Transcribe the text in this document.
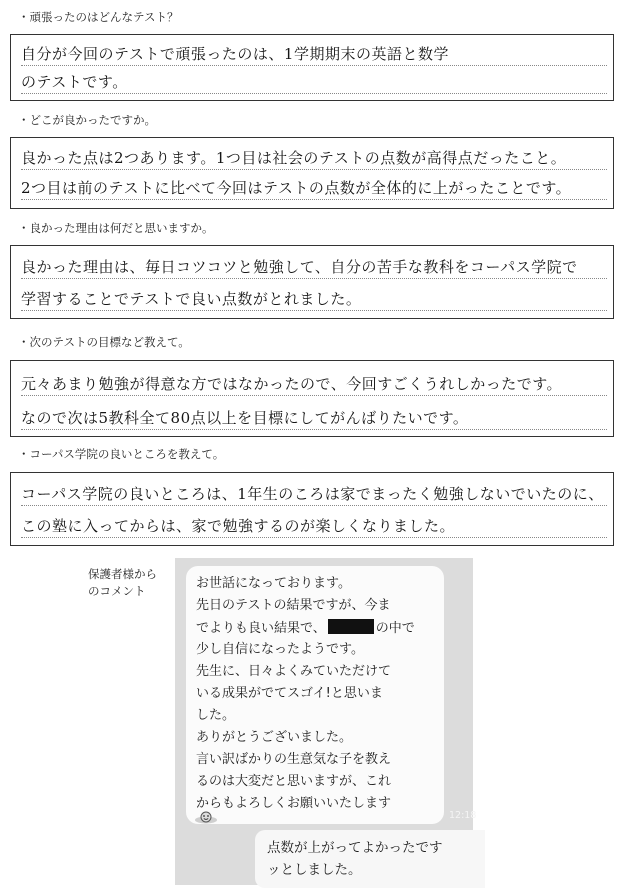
・頑張ったのはどんなテスト？
自分が今回のテストで頑張ったのは、1学期期末の英語と数学
のテストです。
・どこが良かったですか。
良かった点は2つあります。1つ目は社会のテストの点数が高得点だったこと。
2つ目は前のテストに比べて今回はテストの点数が全体的に上がったことです。
・良かった理由は何だと思いますか。
良かった理由は、毎日コツコツと勉強して、自分の苦手な教科をコーパス学院で
学習することでテストで良い点数がとれました。
・次のテストの目標など教えて。
元々あまり勉強が得意な方ではなかったので、今回すごくうれしかったです。
なので次は5教科全て80点以上を目標にしてがんばりたいです。
・コーパス学院の良いところを教えて。
コーパス学院の良いところは、1年生のころは家でまったく勉強しないでいたのに、
この塾に入ってからは、家で勉強するのが楽しくなりました。
保護者様から
のコメント	お世話になっております。
先日のテストの結果ですが、今ま
でよりも良い結果で、	の中で
少し自信になったようです。
先生に、日々よくみていただけて
いる成果がでてスゴイ!と思いま
した。
ありがとうございました。
言い訳ばかりの生意気な子を教え
るのは大変だと思いますが、これ
からもよろしくお願いいたします
12:18
点数が上がってよかったです
ッとしました。
